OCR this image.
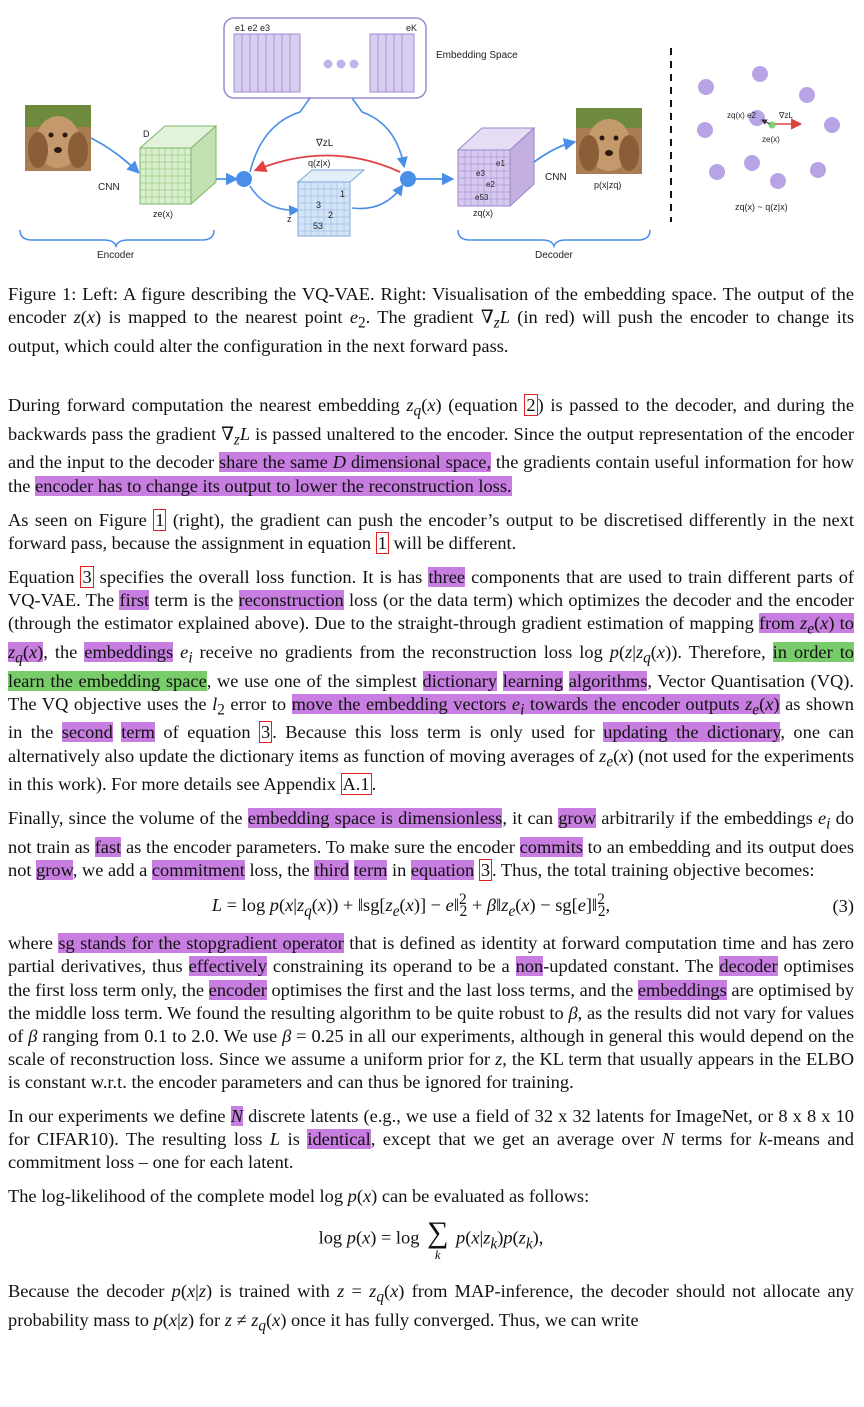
e1 e2 e3	eK
Embedding Space
CNN
D
ze(x)
∇zL
1
3
2
53
q(z|x)
z
e1
e3
e2
e53
zq(x)
CNN
p(x|zq)
Encoder	Decoder
zq(x) e2	∇zL
ze(x)
zq(x) ~ q(z|x)

Figure 1: Left: A figure describing the VQ-VAE. Right: Visualisation of the embedding space. The output of the encoder z(x) is mapped to the nearest point $e_2$. The gradient $\nabla_zL$ (in red) will push the encoder to change its output, which could alter the configuration in the next forward pass.

During forward computation the nearest embedding $z_q(x)$ (equation 2 ) is passed to the decoder, and during the backwards pass the gradient $\nabla_zL$ is passed unaltered to the encoder. Since the output representation of the encoder and the input to the decoder share the same D dimensional space, the gradients contain useful information for how the encoder has to change its output to lower the reconstruction loss.

As seen on Figure 1 (right), the gradient can push the encoder’s output to be discretised differently in the next forward pass, because the assignment in equation 1 will be different.

Equation 3 specifies the overall loss function. It is has three components that are used to train different parts of VQ-VAE. The first term is the reconstruction loss (or the data term) which optimizes the decoder and the encoder (through the estimator explained above). Due to the straight-through gradient estimation of mapping from $z_e(x)$ to $z_q(x)$, the embeddings $e_i$ receive no gradients from the reconstruction loss $\log p(z|z_q(x))$. Therefore, in order to learn the embedding space, we use one of the simplest dictionary learning algorithms, Vector Quantisation (VQ). The VQ objective uses the $l_2$ error to move the embedding vectors $e_i$ towards the encoder outputs $z_e(x)$ as shown in the second term of equation 3 . Because this loss term is only used for updating the dictionary, one can alternatively also update the dictionary items as function of moving averages of $z_e(x)$ (not used for the experiments in this work). For more details see Appendix A.1 .

Finally, since the volume of the embedding space is dimensionless, it can grow arbitrarily if the embeddings $e_i$ do not train as fast as the encoder parameters. To make sure the encoder commits to an embedding and its output does not grow, we add a commitment loss, the third term in equation 3 . Thus, the total training objective becomes:

$L = \log p(x|z_q(x))$ + $‖sg[z_e(x)]$ − e‖$^2_2$ + $\beta‖z_e(x)$ − sg[e]‖$^2_2$,	(3)

where sg stands for the stopgradient operator that is defined as identity at forward computation time and has zero partial derivatives, thus effectively constraining its operand to be a non-updated constant. The decoder optimises the first loss term only, the encoder optimises the first and the last loss terms, and the embeddings are optimised by the middle loss term. We found the resulting algorithm to be quite robust to β, as the results did not vary for values of β ranging from 0.1 to 2.0. We use β = 0.25 in all our experiments, although in general this would depend on the scale of reconstruction loss. Since we assume a uniform prior for z, the KL term that usually appears in the ELBO is constant w.r.t. the encoder parameters and can thus be ignored for training.

In our experiments we define N discrete latents (e.g., we use a field of 32 x 32 latents for ImageNet, or 8 x 8 x 10 for CIFAR10). The resulting loss L is identical, except that we get an average over N terms for k-means and commitment loss – one for each latent.

The log-likelihood of the complete model log p(x) can be evaluated as follows:

log p(x) = log ∑
k
$p(x|z_k)p(z_k)$,

Because the decoder p(x|z) is trained with $z = z_q(x)$ from MAP-inference, the decoder should not allocate any probability mass to p(x|z) for $z \ne z_q(x)$ once it has fully converged. Thus, we can write
